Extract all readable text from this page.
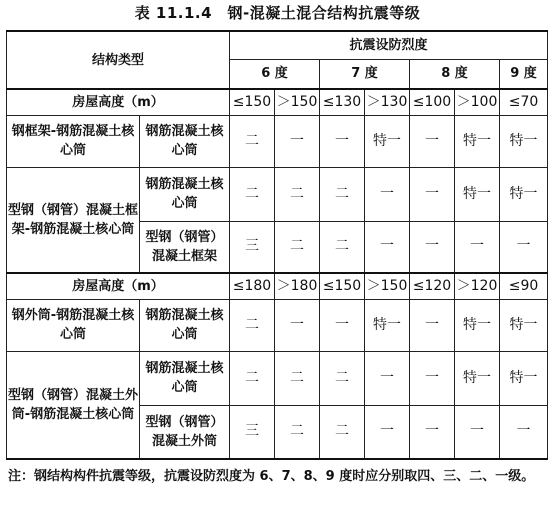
表 11.1.4　钢-混凝土混合结构抗震等级
结构类型		抗震设防烈度						
		6 度		7 度		8 度		9 度
房屋高度（m）		≤150	＞150	≤130	＞130	≤100	＞100	≤70
钢框架-钢筋混凝土核心筒	钢筋混凝土核心筒	二	一	一	特一	一	特一	特一
型钢（钢管）混凝土框架-钢筋混凝土核心筒	钢筋混凝土核心筒	二	二	二	一	一	特一	特一
	型钢（钢管）混凝土框架	三	二	二	一	一	一	一
房屋高度（m）		≤180	＞180	≤150	＞150	≤120	＞120	≤90
钢外筒-钢筋混凝土核心筒	钢筋混凝土核心筒	二	一	一	特一	一	特一	特一
型钢（钢管）混凝土外筒-钢筋混凝土核心筒	钢筋混凝土核心筒	二	二	二	一	一	特一	特一
	型钢（钢管）混凝土外筒	三	二	二	一	一	一	一
注：钢结构构件抗震等级，抗震设防烈度为 6、7、8、9 度时应分别取四、三、二、一级。
